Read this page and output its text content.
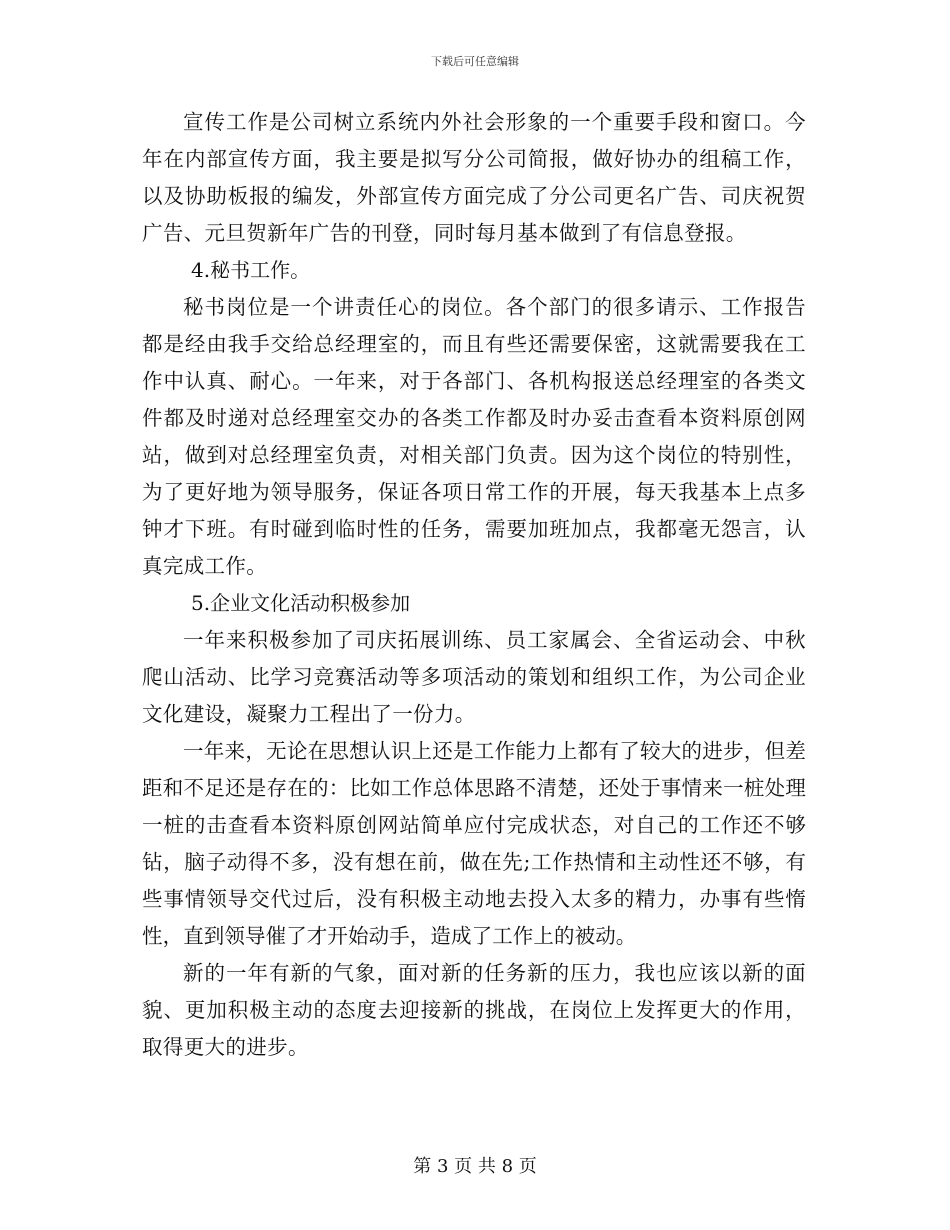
下载后可任意编辑

宣传工作是公司树立系统内外社会形象的一个重要手段和窗口。今年在内部宣传方面，我主要是拟写分公司简报，做好协办的组稿工作，以及协助板报的编发，外部宣传方面完成了分公司更名广告、司庆祝贺广告、元旦贺新年广告的刊登，同时每月基本做到了有信息登报。

4.秘书工作。

秘书岗位是一个讲责任心的岗位。各个部门的很多请示、工作报告都是经由我手交给总经理室的，而且有些还需要保密，这就需要我在工作中认真、耐心。一年来，对于各部门、各机构报送总经理室的各类文件都及时递对总经理室交办的各类工作都及时办妥击查看本资料原创网站，做到对总经理室负责，对相关部门负责。因为这个岗位的特别性，为了更好地为领导服务，保证各项日常工作的开展，每天我基本上点多钟才下班。有时碰到临时性的任务，需要加班加点，我都毫无怨言，认真完成工作。

5.企业文化活动积极参加

一年来积极参加了司庆拓展训练、员工家属会、全省运动会、中秋爬山活动、比学习竞赛活动等多项活动的策划和组织工作，为公司企业文化建设，凝聚力工程出了一份力。

一年来，无论在思想认识上还是工作能力上都有了较大的进步，但差距和不足还是存在的：比如工作总体思路不清楚，还处于事情来一桩处理一桩的击查看本资料原创网站简单应付完成状态，对自己的工作还不够钻，脑子动得不多，没有想在前，做在先;工作热情和主动性还不够，有些事情领导交代过后，没有积极主动地去投入太多的精力，办事有些惰性，直到领导催了才开始动手，造成了工作上的被动。

新的一年有新的气象，面对新的任务新的压力，我也应该以新的面貌、更加积极主动的态度去迎接新的挑战，在岗位上发挥更大的作用，取得更大的进步。

第 3 页 共 8 页
